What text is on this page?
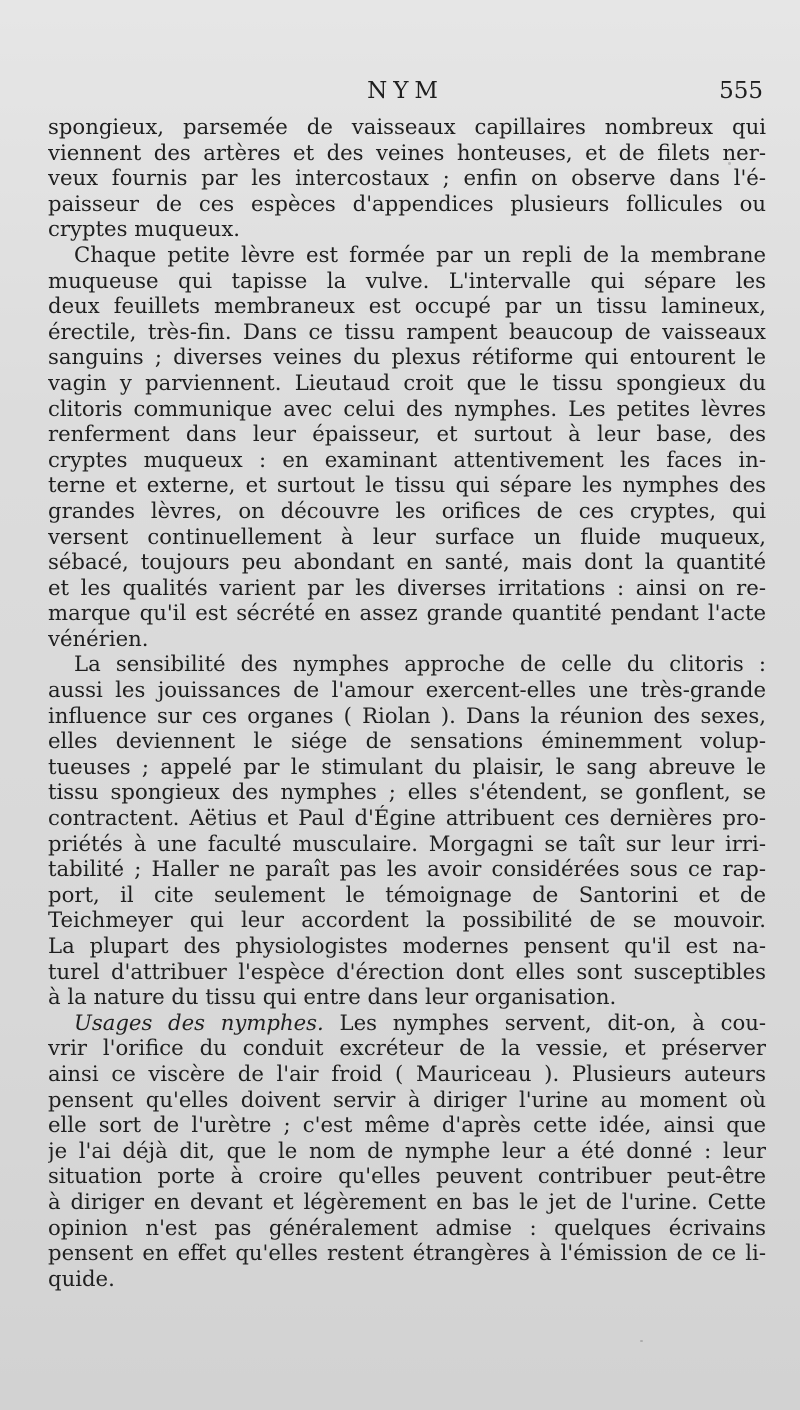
NYM	555
spongieux, parsemée de vaisseaux capillaires nombreux qui
viennent des artères et des veines honteuses, et de filets ner-
veux fournis par les intercostaux ; enfin on observe dans l'é-
paisseur de ces espèces d'appendices plusieurs follicules ou
cryptes muqueux.
Chaque petite lèvre est formée par un repli de la membrane
muqueuse qui tapisse la vulve. L'intervalle qui sépare les
deux feuillets membraneux est occupé par un tissu lamineux,
érectile, très-fin. Dans ce tissu rampent beaucoup de vaisseaux
sanguins ; diverses veines du plexus rétiforme qui entourent le
vagin y parviennent. Lieutaud croit que le tissu spongieux du
clitoris communique avec celui des nymphes. Les petites lèvres
renferment dans leur épaisseur, et surtout à leur base, des
cryptes muqueux : en examinant attentivement les faces in-
terne et externe, et surtout le tissu qui sépare les nymphes des
grandes lèvres, on découvre les orifices de ces cryptes, qui
versent continuellement à leur surface un fluide muqueux,
sébacé, toujours peu abondant en santé, mais dont la quantité
et les qualités varient par les diverses irritations : ainsi on re-
marque qu'il est sécrété en assez grande quantité pendant l'acte
vénérien.
La sensibilité des nymphes approche de celle du clitoris :
aussi les jouissances de l'amour exercent-elles une très-grande
influence sur ces organes ( Riolan ). Dans la réunion des sexes,
elles deviennent le siége de sensations éminemment volup-
tueuses ; appelé par le stimulant du plaisir, le sang abreuve le
tissu spongieux des nymphes ; elles s'étendent, se gonflent, se
contractent. Aëtius et Paul d'Égine attribuent ces dernières pro-
priétés à une faculté musculaire. Morgagni se taît sur leur irri-
tabilité ; Haller ne paraît pas les avoir considérées sous ce rap-
port, il cite seulement le témoignage de Santorini et de
Teichmeyer qui leur accordent la possibilité de se mouvoir.
La plupart des physiologistes modernes pensent qu'il est na-
turel d'attribuer l'espèce d'érection dont elles sont susceptibles
à la nature du tissu qui entre dans leur organisation.
Usages des nymphes. Les nymphes servent, dit-on, à cou-
vrir l'orifice du conduit excréteur de la vessie, et préserver
ainsi ce viscère de l'air froid ( Mauriceau ). Plusieurs auteurs
pensent qu'elles doivent servir à diriger l'urine au moment où
elle sort de l'urètre ; c'est même d'après cette idée, ainsi que
je l'ai déjà dit, que le nom de nymphe leur a été donné : leur
situation porte à croire qu'elles peuvent contribuer peut-être
à diriger en devant et légèrement en bas le jet de l'urine. Cette
opinion n'est pas généralement admise : quelques écrivains
pensent en effet qu'elles restent étrangères à l'émission de ce li-
quide.
